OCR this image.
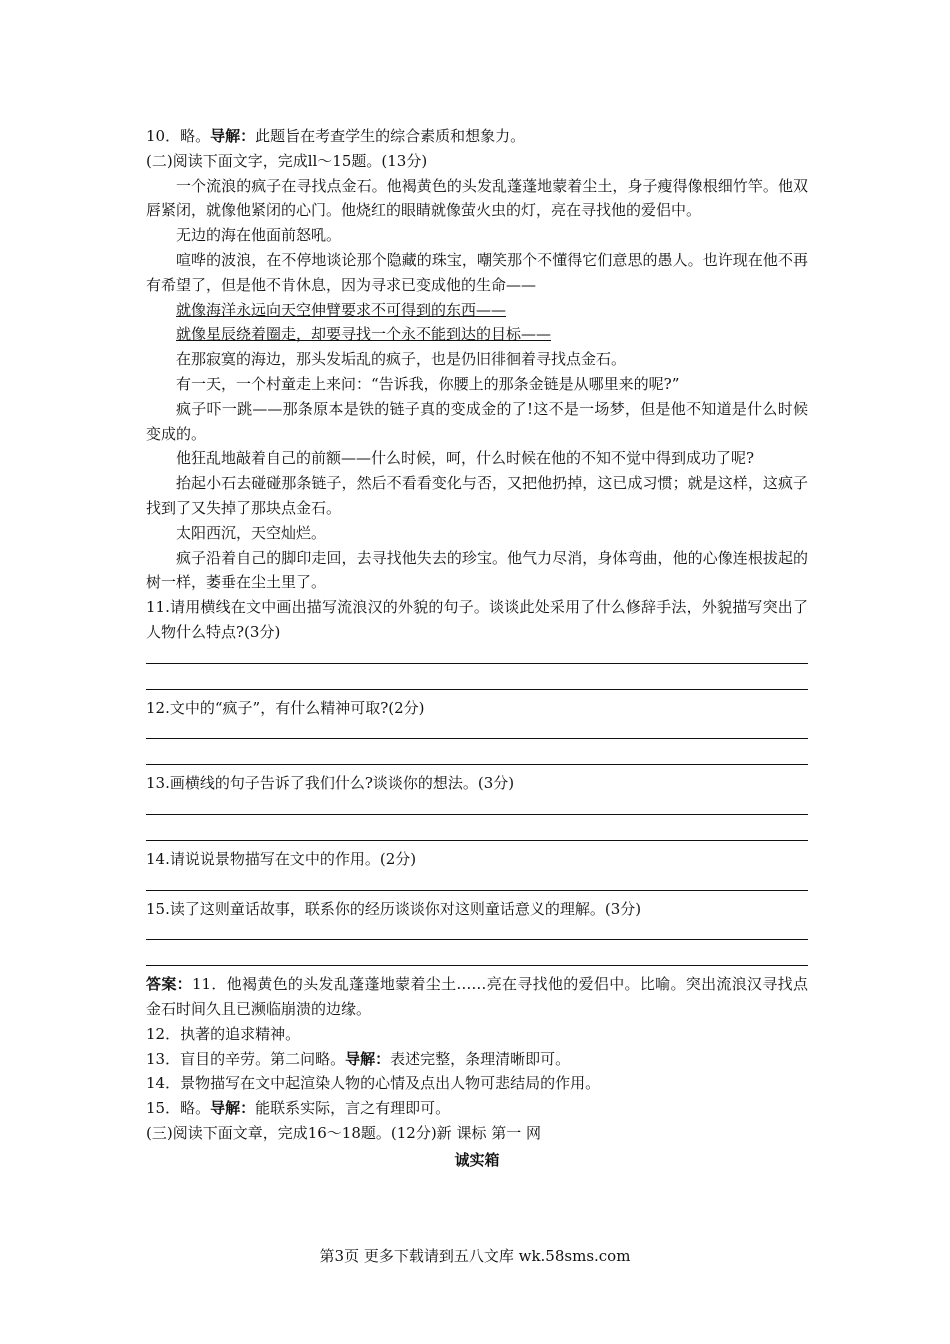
10．略。导解：此题旨在考查学生的综合素质和想象力。

(二)阅读下面文字，完成ll～15题。(13分)

一个流浪的疯子在寻找点金石。他褐黄色的头发乱蓬蓬地蒙着尘土，身子瘦得像根细竹竿。他双唇紧闭，就像他紧闭的心门。他烧红的眼睛就像萤火虫的灯，亮在寻找他的爱侣中。

无边的海在他面前怒吼。

喧哗的波浪，在不停地谈论那个隐藏的珠宝，嘲笑那个不懂得它们意思的愚人。也许现在他不再有希望了，但是他不肯休息，因为寻求已变成他的生命——

就像海洋永远向天空伸臂要求不可得到的东西——

就像星辰绕着圈走，却要寻找一个永不能到达的目标——

在那寂寞的海边，那头发垢乱的疯子，也是仍旧徘徊着寻找点金石。

有一天，一个村童走上来问：“告诉我，你腰上的那条金链是从哪里来的呢?”

疯子吓一跳——那条原本是铁的链子真的变成金的了!这不是一场梦，但是他不知道是什么时候变成的。

他狂乱地敲着自己的前额——什么时候，呵，什么时候在他的不知不觉中得到成功了呢?

抬起小石去碰碰那条链子，然后不看看变化与否，又把他扔掉，这已成习惯；就是这样，这疯子找到了又失掉了那块点金石。

太阳西沉，天空灿烂。

疯子沿着自己的脚印走回，去寻找他失去的珍宝。他气力尽消，身体弯曲，他的心像连根拔起的树一样，萎垂在尘土里了。

11.请用横线在文中画出描写流浪汉的外貌的句子。谈谈此处采用了什么修辞手法，外貌描写突出了人物什么特点?(3分)

12.文中的“疯子”，有什么精神可取?(2分)

13.画横线的句子告诉了我们什么?谈谈你的想法。(3分)

14.请说说景物描写在文中的作用。(2分)

15.读了这则童话故事，联系你的经历谈谈你对这则童话意义的理解。(3分)

答案：11．他褐黄色的头发乱蓬蓬地蒙着尘土……亮在寻找他的爱侣中。比喻。突出流浪汉寻找点金石时间久且已濒临崩溃的边缘。

12．执著的追求精神。

13．盲目的辛劳。第二问略。导解：表述完整，条理清晰即可。

14．景物描写在文中起渲染人物的心情及点出人物可悲结局的作用。

15．略。导解：能联系实际，言之有理即可。

(三)阅读下面文章，完成16～18题。(12分)新 课标 第一 网

诚实箱

第3页 更多下载请到五八文库 wk.58sms.com
